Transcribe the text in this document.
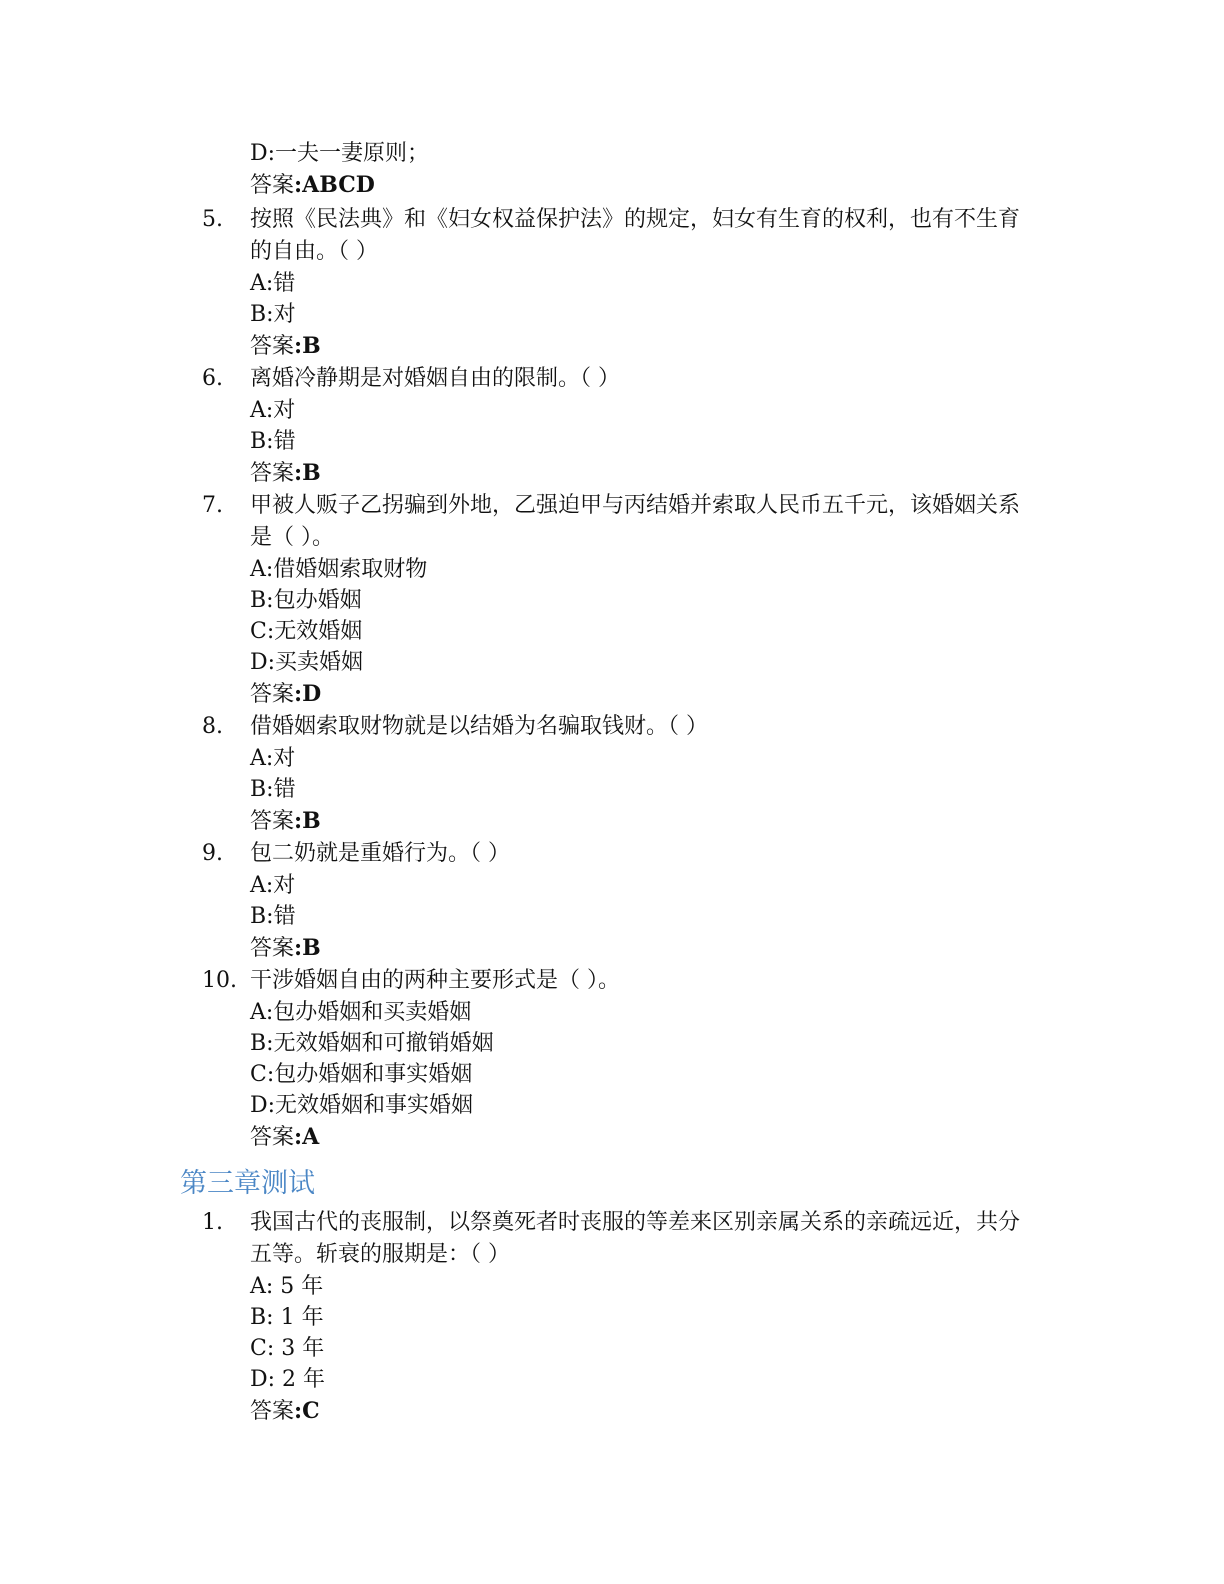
D:一夫一妻原则；
答案:ABCD
5. 按照《民法典》和《妇女权益保护法》的规定，妇女有生育的权利，也有不生育的自由。（ ）
A:错
B:对
答案:B
6. 离婚冷静期是对婚姻自由的限制。（ ）
A:对
B:错
答案:B
7. 甲被人贩子乙拐骗到外地，乙强迫甲与丙结婚并索取人民币五千元，该婚姻关系是（ ）。
A:借婚姻索取财物
B:包办婚姻
C:无效婚姻
D:买卖婚姻
答案:D
8. 借婚姻索取财物就是以结婚为名骗取钱财。（ ）
A:对
B:错
答案:B
9. 包二奶就是重婚行为。（ ）
A:对
B:错
答案:B
10. 干涉婚姻自由的两种主要形式是（ ）。
A:包办婚姻和买卖婚姻
B:无效婚姻和可撤销婚姻
C:包办婚姻和事实婚姻
D:无效婚姻和事实婚姻
答案:A
第三章测试
1. 我国古代的丧服制，以祭奠死者时丧服的等差来区别亲属关系的亲疏远近，共分五等。斩衰的服期是：（ ）
A: 5 年
B: 1 年
C: 3 年
D: 2 年
答案:C
